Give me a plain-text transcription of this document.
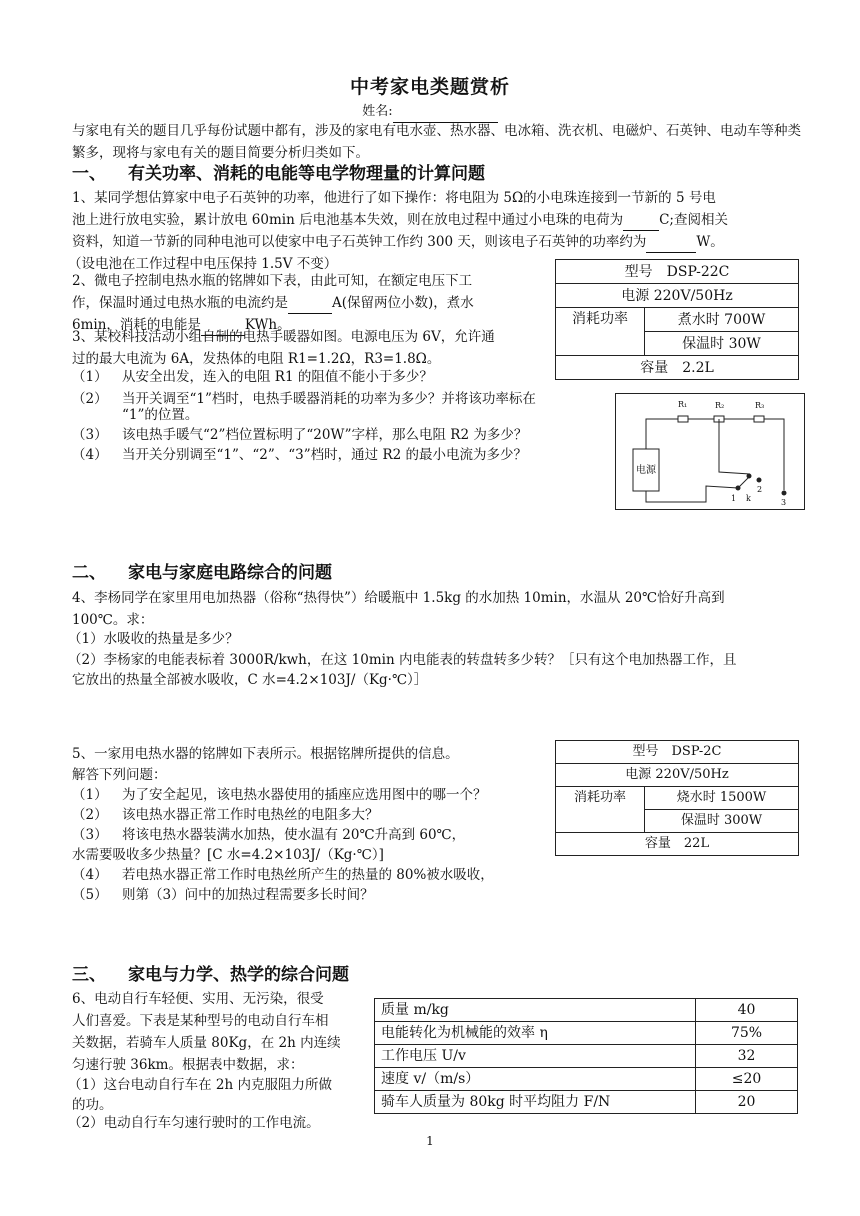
中考家电类题赏析
姓名:
与家电有关的题目几乎每份试题中都有，涉及的家电有电水壶、热水器、电冰箱、洗衣机、电磁炉、石英钟、电动车等种类繁多，现将与家电有关的题目简要分析归类如下。
一、 有关功率、消耗的电能等电学物理量的计算问题
1、某同学想估算家中电子石英钟的功率，他进行了如下操作：将电阻为 5Ω的小电珠连接到一节新的 5 号电
池上进行放电实验，累计放电 60min 后电池基本失效，则在放电过程中通过小电珠的电荷为	C;查阅相关
资料，知道一节新的同种电池可以使家中电子石英钟工作约 300 天，则该电子石英钟的功率约为	W。
（设电池在工作过程中电压保持 1.5V 不变）
2、微电子控制电热水瓶的铭牌如下表，由此可知，在额定电压下工
作，保温时通过电热水瓶的电流约是	A(保留两位小数)，煮水
6min，消耗的电能是	KWh。
型号　DSP-22C
电源 220V/50Hz
消耗功率	煮水时 700W
保温时 30W
容量　2.2L
3、某校科技活动小组自制的电热手暖器如图。电源电压为 6V，允许通
过的最大电流为 6A，发热体的电阻 R1=1.2Ω，R3=1.8Ω。
（1） 从安全出发，连入的电阻 R1 的阻值不能小于多少？
（2） 当开关调至“1”档时，电热手暖器消耗的功率为多少？并将该功率标在
“1”的位置。
（3） 该电热手暖气“2”档位置标明了“20W”字样，那么电阻 R2 为多少？
（4） 当开关分别调至“1”、“2”、“3”档时，通过 R2 的最小电流为多少？
R₁	R₂	R₃
电源
k
1
2
3
二、 家电与家庭电路综合的问题
4、李杨同学在家里用电加热器（俗称“热得快”）给暖瓶中 1.5kg 的水加热 10min，水温从 20℃恰好升高到
100℃。求：
（1）水吸收的热量是多少？
（2）李杨家的电能表标着 3000R/kwh，在这 10min 内电能表的转盘转多少转？［只有这个电加热器工作，且
它放出的热量全部被水吸收，C 水=4.2×103J/（Kg·℃）］
5、一家用电热水器的铭牌如下表所示。根据铭牌所提供的信息。
解答下列问题：
（1） 为了安全起见，该电热水器使用的插座应选用图中的哪一个？
（2） 该电热水器正常工作时电热丝的电阻多大？
（3） 将该电热水器装满水加热，使水温有 20℃升高到 60℃，
水需要吸收多少热量？[C 水=4.2×103J/（Kg·℃）]
（4） 若电热水器正常工作时电热丝所产生的热量的 80%被水吸收，
（5） 则第（3）问中的加热过程需要多长时间？
型号　DSP-2C
电源 220V/50Hz
消耗功率	烧水时 1500W
保温时 300W
容量　22L
三、 家电与力学、热学的综合问题
6、电动自行车轻便、实用、无污染，很受
人们喜爱。下表是某种型号的电动自行车相
关数据，若骑车人质量 80Kg，在 2h 内连续
匀速行驶 36km。根据表中数据，求：
（1）这台电动自行车在 2h 内克服阻力所做
的功。
（2）电动自行车匀速行驶时的工作电流。
质量 m/kg	40
电能转化为机械能的效率 η	75%
工作电压 U/v	32
速度 v/（m/s）	≤20
骑车人质量为 80kg 时平均阻力 F/N	20
1
